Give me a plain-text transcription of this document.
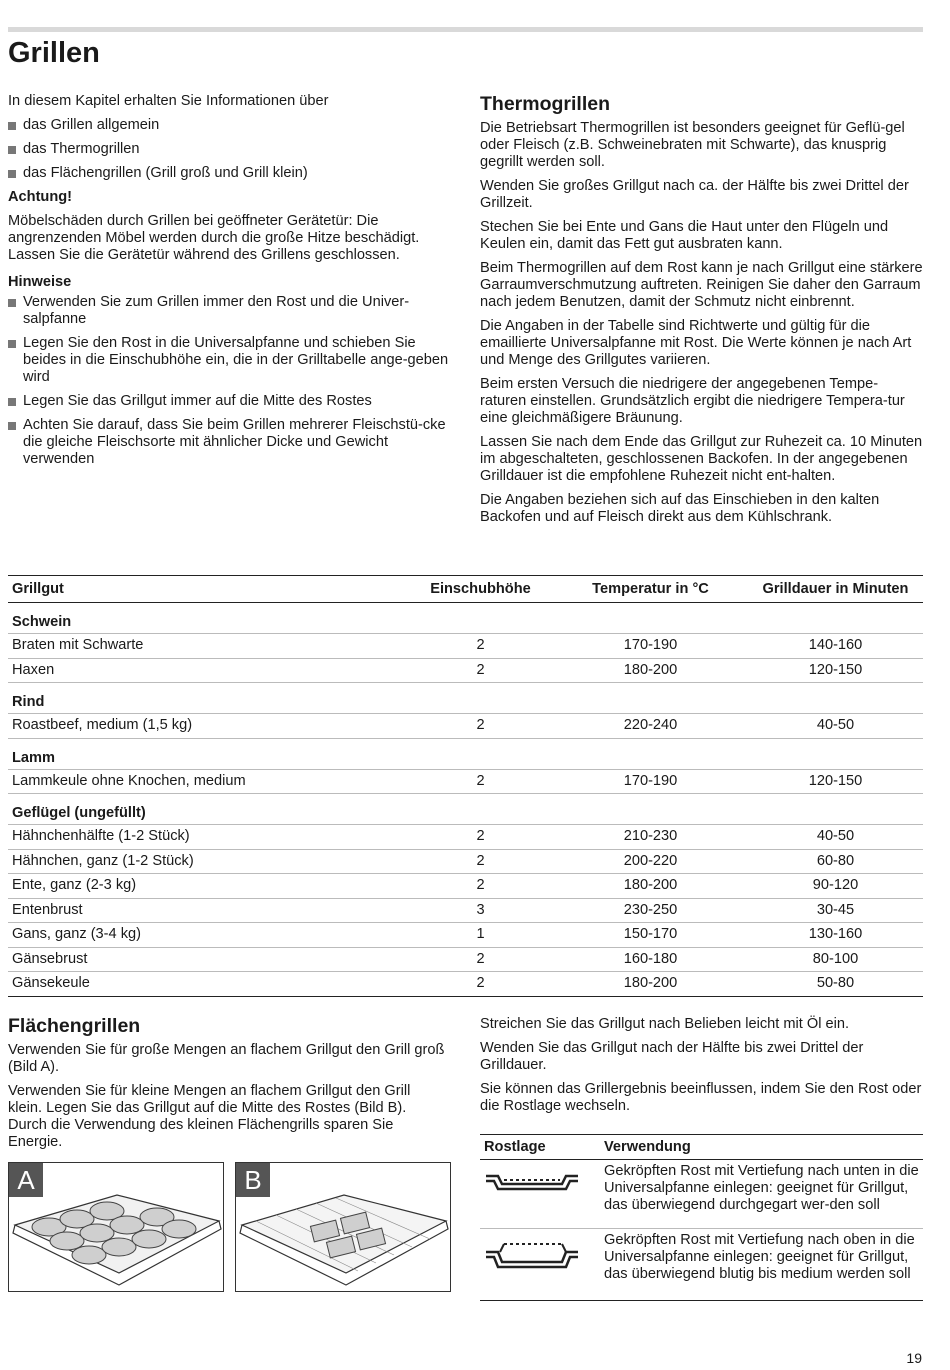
Grillen

In diesem Kapitel erhalten Sie Informationen über

das Grillen allgemein
das Thermogrillen
das Flächengrillen (Grill groß und Grill klein)

Achtung!

Möbelschäden durch Grillen bei geöffneter Gerätetür: Die angrenzenden Möbel werden durch die große Hitze beschädigt. Lassen Sie die Gerätetür während des Grillens geschlossen.

Hinweise

Verwenden Sie zum Grillen immer den Rost und die Univer-salpfanne
Legen Sie den Rost in die Universalpfanne und schieben Sie beides in die Einschubhöhe ein, die in der Grilltabelle ange-geben wird
Legen Sie das Grillgut immer auf die Mitte des Rostes
Achten Sie darauf, dass Sie beim Grillen mehrerer Fleischstü-cke die gleiche Fleischsorte mit ähnlicher Dicke und Gewicht verwenden
Thermogrillen

Die Betriebsart Thermogrillen ist besonders geeignet für Geflü-gel oder Fleisch (z.B. Schweinebraten mit Schwarte), das knusprig gegrillt werden soll.

Wenden Sie großes Grillgut nach ca. der Hälfte bis zwei Drittel der Grillzeit.

Stechen Sie bei Ente und Gans die Haut unter den Flügeln und Keulen ein, damit das Fett gut ausbraten kann.

Beim Thermogrillen auf dem Rost kann je nach Grillgut eine stärkere Garraumverschmutzung auftreten. Reinigen Sie daher den Garraum nach jedem Benutzen, damit der Schmutz nicht einbrennt.

Die Angaben in der Tabelle sind Richtwerte und gültig für die emaillierte Universalpfanne mit Rost. Die Werte können je nach Art und Menge des Grillgutes variieren.

Beim ersten Versuch die niedrigere der angegebenen Tempe-raturen einstellen. Grundsätzlich ergibt die niedrigere Tempera-tur eine gleichmäßigere Bräunung.

Lassen Sie nach dem Ende das Grillgut zur Ruhezeit ca. 10 Minuten im abgeschalteten, geschlossenen Backofen. In der angegebenen Grilldauer ist die empfohlene Ruhezeit nicht ent-halten.

Die Angaben beziehen sich auf das Einschieben in den kalten Backofen und auf Fleisch direkt aus dem Kühlschrank.

Grillgut	Einschubhöhe	Temperatur in °C	Grilldauer in Minuten
Schwein			
Braten mit Schwarte	2	170-190	140-160
Haxen	2	180-200	120-150
Rind			
Roastbeef, medium (1,5 kg)	2	220-240	40-50
Lamm			
Lammkeule ohne Knochen, medium	2	170-190	120-150
Geflügel (ungefüllt)			
Hähnchenhälfte (1-2 Stück)	2	210-230	40-50
Hähnchen, ganz (1-2 Stück)	2	200-220	60-80
Ente, ganz (2-3 kg)	2	180-200	90-120
Entenbrust	3	230-250	30-45
Gans, ganz (3-4 kg)	1	150-170	130-160
Gänsebrust	2	160-180	80-100
Gänsekeule	2	180-200	50-80
Flächengrillen

Verwenden Sie für große Mengen an flachem Grillgut den Grill groß (Bild A).

Verwenden Sie für kleine Mengen an flachem Grillgut den Grill klein. Legen Sie das Grillgut auf die Mitte des Rostes (Bild B). Durch die Verwendung des kleinen Flächengrills sparen Sie Energie.

A	B

Streichen Sie das Grillgut nach Belieben leicht mit Öl ein.

Wenden Sie das Grillgut nach der Hälfte bis zwei Drittel der Grilldauer.

Sie können das Grillergebnis beeinflussen, indem Sie den Rost oder die Rostlage wechseln.

Rostlage	Verwendung
	Gekröpften Rost mit Vertiefung nach unten in die Universalpfanne einlegen: geeignet für Grillgut, das überwiegend durchgegart wer-den soll
	Gekröpften Rost mit Vertiefung nach oben in die Universalpfanne einlegen: geeignet für Grillgut, das überwiegend blutig bis medium werden soll
19
